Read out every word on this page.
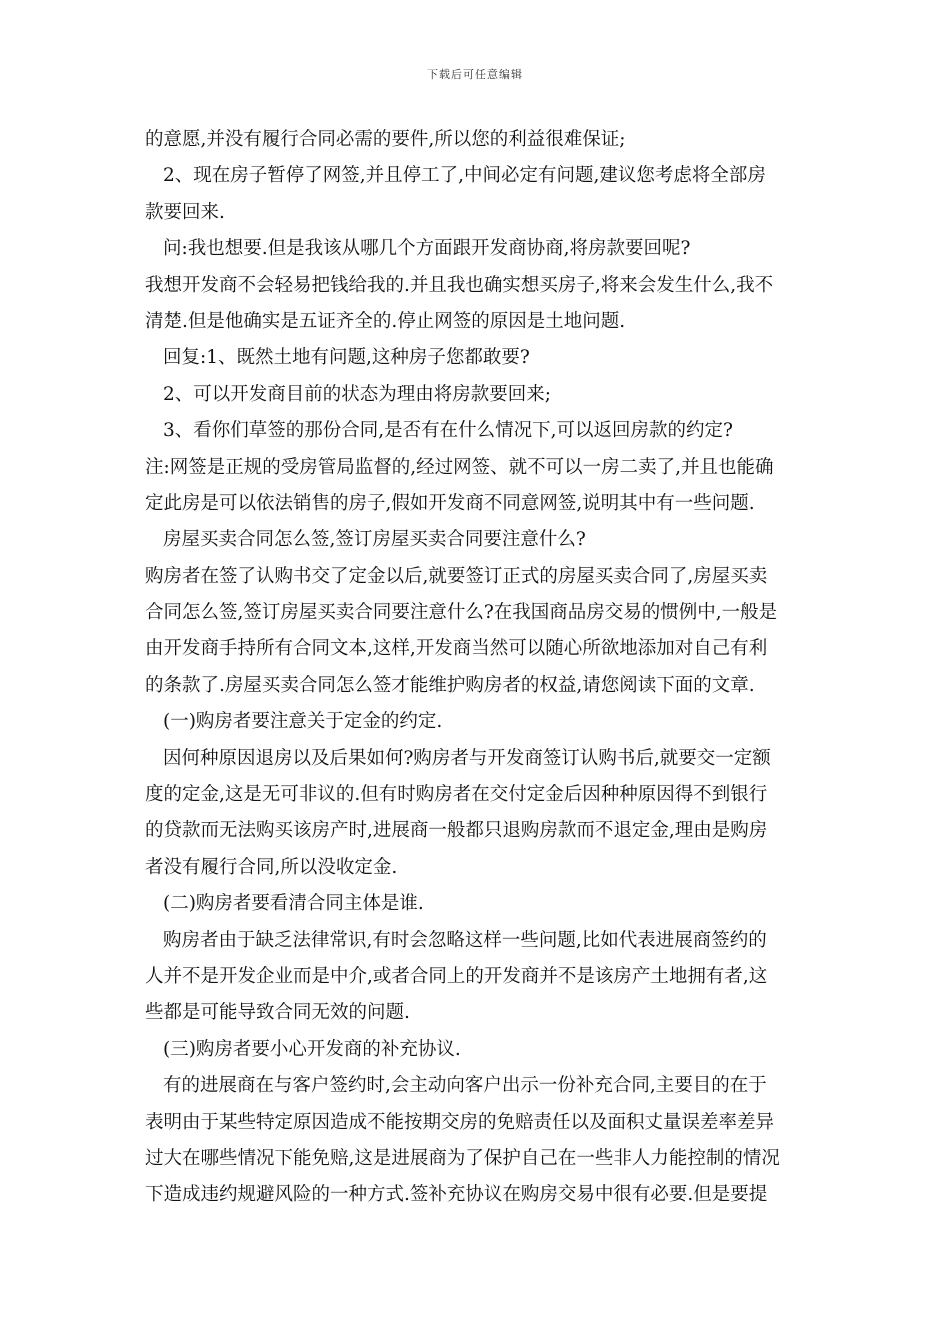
下载后可任意编辑
的意愿,并没有履行合同必需的要件,所以您的利益很难保证;
2、现在房子暂停了网签,并且停工了,中间必定有问题,建议您考虑将全部房
款要回来.
问:我也想要.但是我该从哪几个方面跟开发商协商,将房款要回呢?
我想开发商不会轻易把钱给我的.并且我也确实想买房子,将来会发生什么,我不
清楚.但是他确实是五证齐全的.停止网签的原因是土地问题.
回复:1、既然土地有问题,这种房子您都敢要?
2、可以开发商目前的状态为理由将房款要回来;
3、看你们草签的那份合同,是否有在什么情况下,可以返回房款的约定?
注:网签是正规的受房管局监督的,经过网签、就不可以一房二卖了,并且也能确
定此房是可以依法销售的房子,假如开发商不同意网签,说明其中有一些问题.
房屋买卖合同怎么签,签订房屋买卖合同要注意什么?
购房者在签了认购书交了定金以后,就要签订正式的房屋买卖合同了,房屋买卖
合同怎么签,签订房屋买卖合同要注意什么?在我国商品房交易的惯例中,一般是
由开发商手持所有合同文本,这样,开发商当然可以随心所欲地添加对自己有利
的条款了.房屋买卖合同怎么签才能维护购房者的权益,请您阅读下面的文章.
(一)购房者要注意关于定金的约定.
因何种原因退房以及后果如何?购房者与开发商签订认购书后,就要交一定额
度的定金,这是无可非议的.但有时购房者在交付定金后因种种原因得不到银行
的贷款而无法购买该房产时,进展商一般都只退购房款而不退定金,理由是购房
者没有履行合同,所以没收定金.
(二)购房者要看清合同主体是谁.
购房者由于缺乏法律常识,有时会忽略这样一些问题,比如代表进展商签约的
人并不是开发企业而是中介,或者合同上的开发商并不是该房产土地拥有者,这
些都是可能导致合同无效的问题.
(三)购房者要小心开发商的补充协议.
有的进展商在与客户签约时,会主动向客户出示一份补充合同,主要目的在于
表明由于某些特定原因造成不能按期交房的免赔责任以及面积丈量误差率差异
过大在哪些情况下能免赔,这是进展商为了保护自己在一些非人力能控制的情况
下造成违约规避风险的一种方式.签补充协议在购房交易中很有必要.但是要提
